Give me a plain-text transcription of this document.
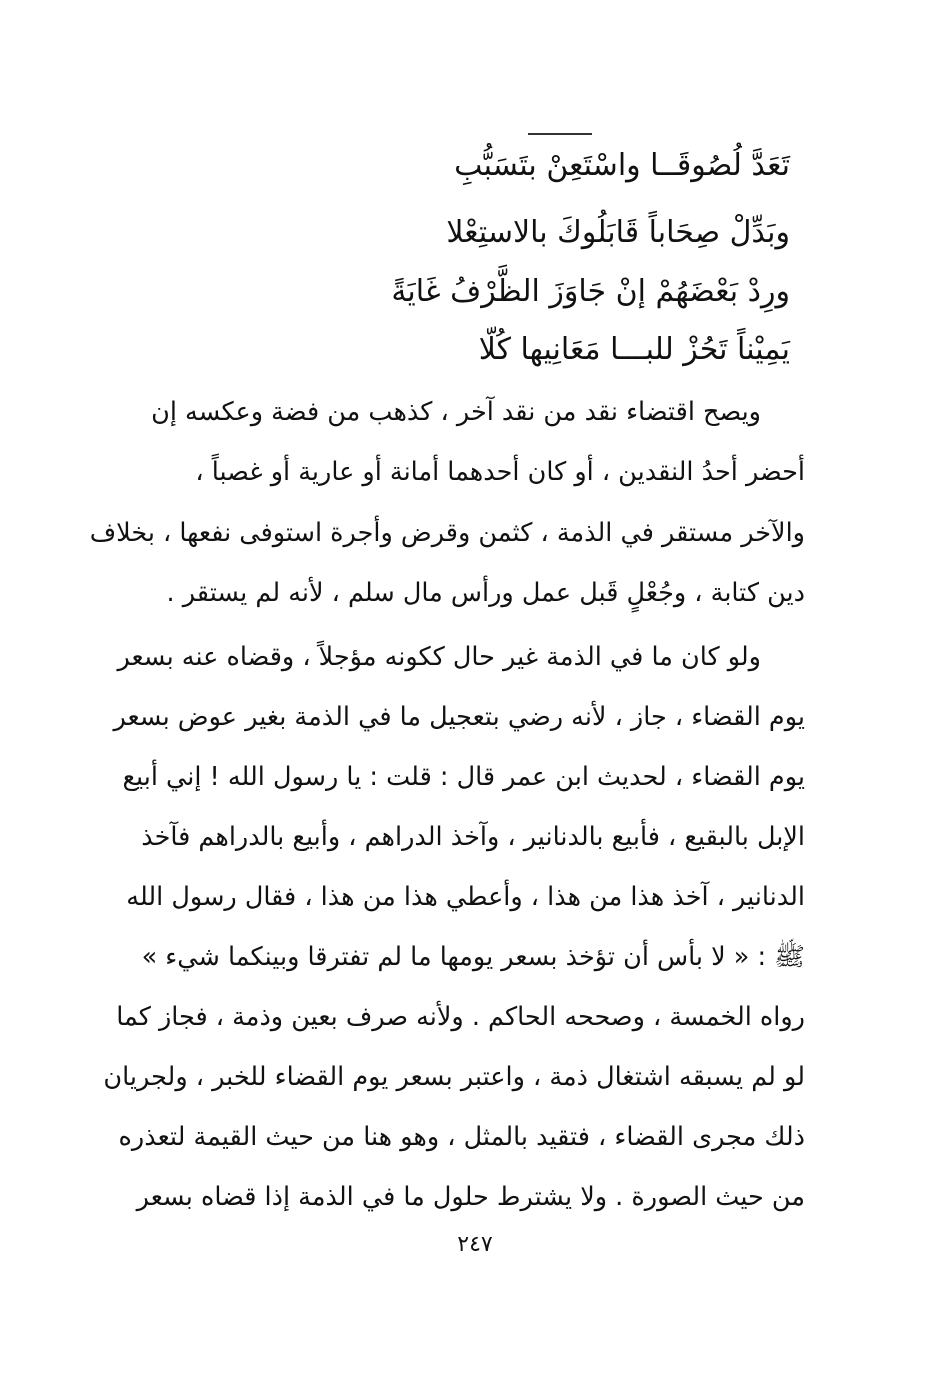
تَعَدَّ لُصُوقَــا واسْتَعِنْ بتَسَبُّبِ
وبَدِّلْ صِحَاباً قَابَلُوكَ بالاستِعْلا
ورِدْ بَعْضَهُمْ إنْ جَاوَزَ الظَّرْفُ غَايَةً
يَمِيْناً تَحُزْ للبـــا مَعَانِيها كُلّا
ويصح اقتضاء نقد من نقد آخر ، كذهب من فضة وعكسه إن
أحضر أحدُ النقدين ، أو كان أحدهما أمانة أو عارية أو غصباً ،
والآخر مستقر في الذمة ، كثمن وقرض وأجرة استوفى نفعها ، بخلاف
دين كتابة ، وجُعْلٍ قَبل عمل ورأس مال سلم ، لأنه لم يستقر .
ولو كان ما في الذمة غير حال ككونه مؤجلاً ، وقضاه عنه بسعر
يوم القضاء ، جاز ، لأنه رضي بتعجيل ما في الذمة بغير عوض بسعر
يوم القضاء ، لحديث ابن عمر قال : قلت : يا رسول الله ! إني أبيع
الإبل بالبقيع ، فأبيع بالدنانير ، وآخذ الدراهم ، وأبيع بالدراهم فآخذ
الدنانير ، آخذ هذا من هذا ، وأعطي هذا من هذا ، فقال رسول الله
ﷺ : « لا بأس أن تؤخذ بسعر يومها ما لم تفترقا وبينكما شيء »
رواه الخمسة ، وصححه الحاكم . ولأنه صرف بعين وذمة ، فجاز كما
لو لم يسبقه اشتغال ذمة ، واعتبر بسعر يوم القضاء للخبر ، ولجريان
ذلك مجرى القضاء ، فتقيد بالمثل ، وهو هنا من حيث القيمة لتعذره
من حيث الصورة . ولا يشترط حلول ما في الذمة إذا قضاه بسعر
٢٤٧
